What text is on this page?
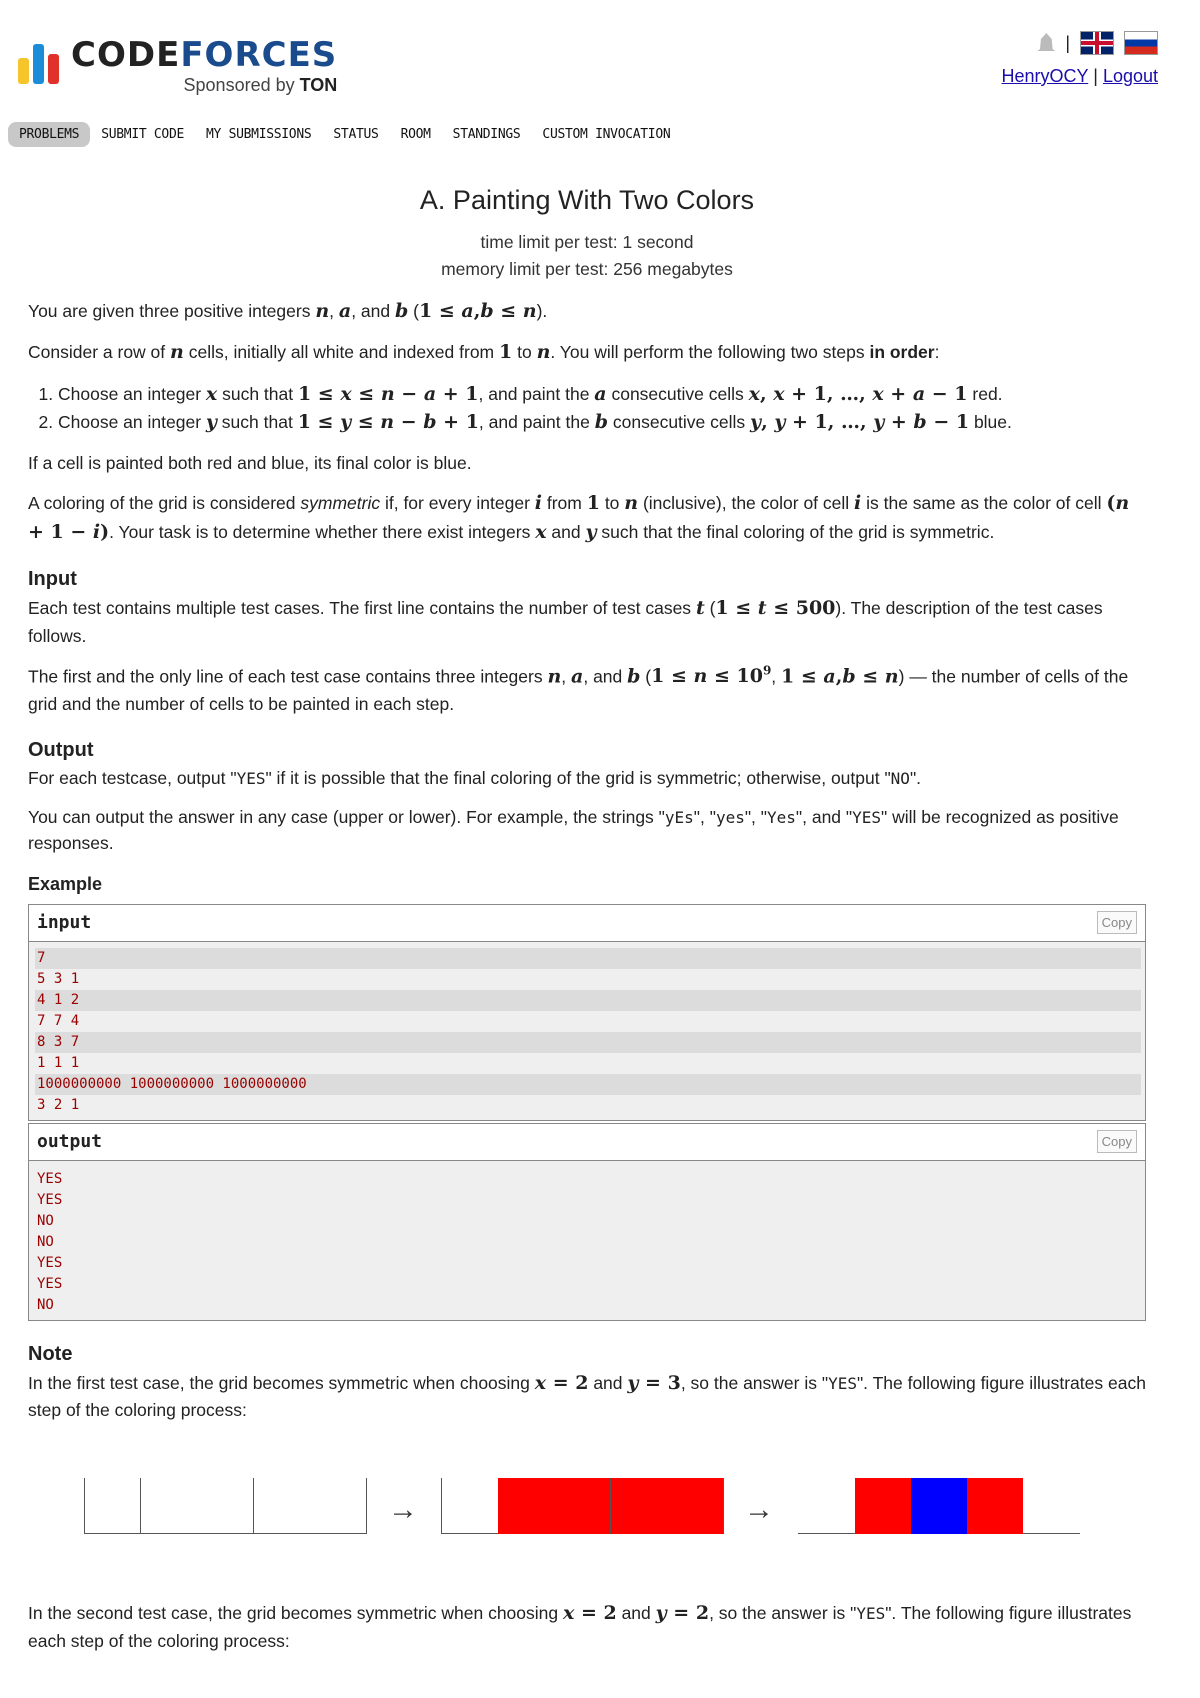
CODEFORCES
Sponsored by TON
|
HenryOCY | Logout
PROBLEMS	SUBMIT CODE	MY SUBMISSIONS	STATUS	ROOM	STANDINGS	CUSTOM INVOCATION
A. Painting With Two Colors
time limit per test: 1 second
memory limit per test: 256 megabytes

You are given three positive integers n, a, and b (1 ≤ a,b ≤ n).

Consider a row of n cells, initially all white and indexed from 1 to n. You will perform the following two steps in order:

1. Choose an integer x such that 1 ≤ x ≤ n − a + 1, and paint the a consecutive cells x, x + 1, …, x + a − 1 red.
2. Choose an integer y such that 1 ≤ y ≤ n − b + 1, and paint the b consecutive cells y, y + 1, …, y + b − 1 blue.

If a cell is painted both red and blue, its final color is blue.

A coloring of the grid is considered symmetric if, for every integer i from 1 to n (inclusive), the color of cell i is the same as the color of cell (n + 1 − i). Your task is to determine whether there exist integers x and y such that the final coloring of the grid is symmetric.

Input

Each test contains multiple test cases. The first line contains the number of test cases t (1 ≤ t ≤ 500). The description of the test cases follows.

The first and the only line of each test case contains three integers n, a, and b ($1 \le n \le 10^9$, 1 ≤ a,b ≤ n) — the number of cells of the grid and the number of cells to be painted in each step.

Output

For each testcase, output "YES" if it is possible that the final coloring of the grid is symmetric; otherwise, output "NO".

You can output the answer in any case (upper or lower). For example, the strings "yEs", "yes", "Yes", and "YES" will be recognized as positive responses.

Example
input	Copy
7
5 3 1
4 1 2
7 7 4
8 3 7
1 1 1
1000000000 1000000000 1000000000
3 2 1
output	Copy
YES
YES
NO
NO
YES
YES
NO
Note

In the first test case, the grid becomes symmetric when choosing x = 2 and y = 3, so the answer is "YES". The following figure illustrates each step of the coloring process:

→	→

In the second test case, the grid becomes symmetric when choosing x = 2 and y = 2, so the answer is "YES". The following figure illustrates each step of the coloring process:
